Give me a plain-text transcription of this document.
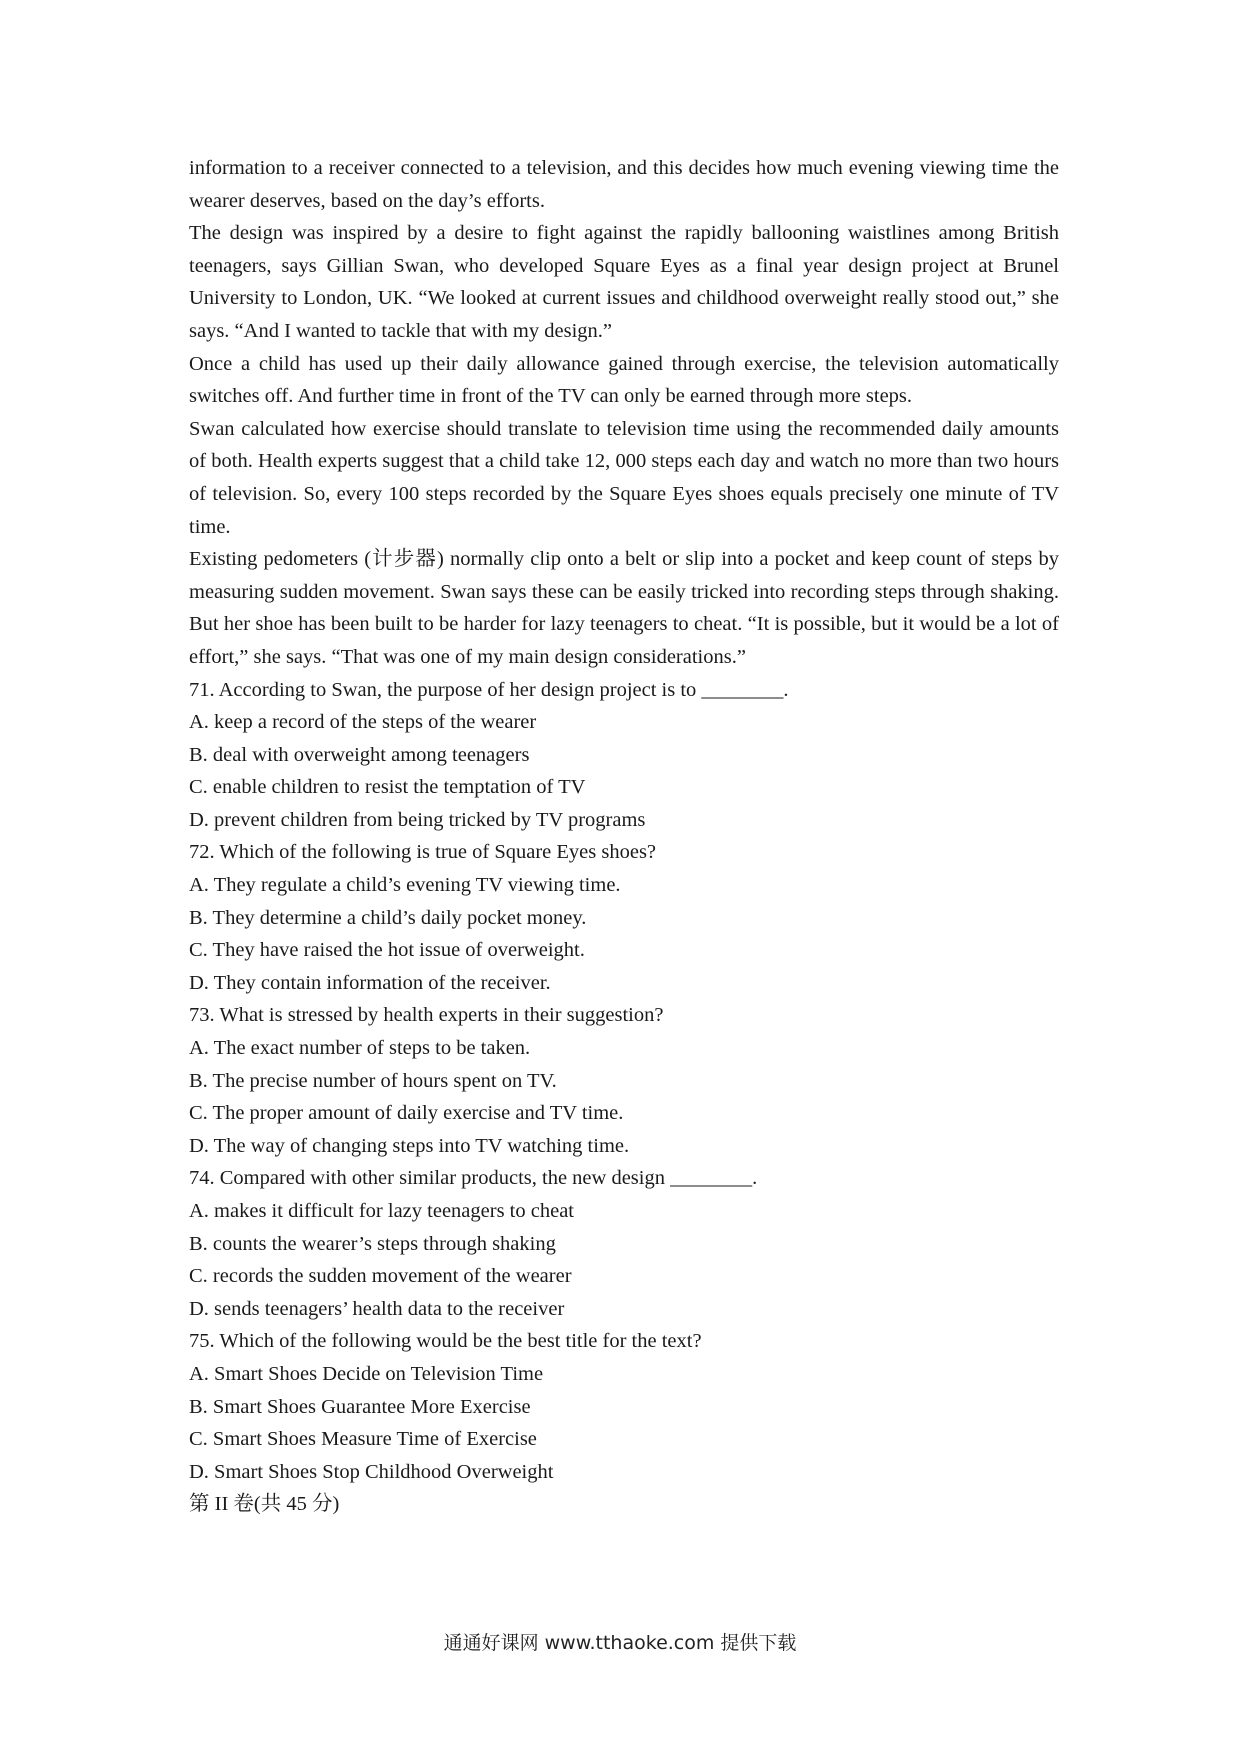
information to a receiver connected to a television, and this decides how much evening viewing time the wearer deserves, based on the day’s efforts.

The design was inspired by a desire to fight against the rapidly ballooning waistlines among British teenagers, says Gillian Swan, who developed Square Eyes as a final year design project at Brunel University to London, UK. “We looked at current issues and childhood overweight really stood out,” she says. “And I wanted to tackle that with my design.”

Once a child has used up their daily allowance gained through exercise, the television automatically switches off. And further time in front of the TV can only be earned through more steps.

Swan calculated how exercise should translate to television time using the recommended daily amounts of both. Health experts suggest that a child take 12, 000 steps each day and watch no more than two hours of television. So, every 100 steps recorded by the Square Eyes shoes equals precisely one minute of TV time.

Existing pedometers (计步器) normally clip onto a belt or slip into a pocket and keep count of steps by measuring sudden movement. Swan says these can be easily tricked into recording steps through shaking. But her shoe has been built to be harder for lazy teenagers to cheat. “It is possible, but it would be a lot of effort,” she says. “That was one of my main design considerations.”

71. According to Swan, the purpose of her design project is to ________.
A. keep a record of the steps of the wearer
B. deal with overweight among teenagers
C. enable children to resist the temptation of TV
D. prevent children from being tricked by TV programs
72. Which of the following is true of Square Eyes shoes?
A. They regulate a child’s evening TV viewing time.
B. They determine a child’s daily pocket money.
C. They have raised the hot issue of overweight.
D. They contain information of the receiver.
73. What is stressed by health experts in their suggestion?
A. The exact number of steps to be taken.
B. The precise number of hours spent on TV.
C. The proper amount of daily exercise and TV time.
D. The way of changing steps into TV watching time.
74. Compared with other similar products, the new design ________.
A. makes it difficult for lazy teenagers to cheat
B. counts the wearer’s steps through shaking
C. records the sudden movement of the wearer
D. sends teenagers’ health data to the receiver
75. Which of the following would be the best title for the text?
A. Smart Shoes Decide on Television Time
B. Smart Shoes Guarantee More Exercise
C. Smart Shoes Measure Time of Exercise
D. Smart Shoes Stop Childhood Overweight
第 II 卷(共 45 分)
通通好课网 www.tthaoke.com 提供下载
